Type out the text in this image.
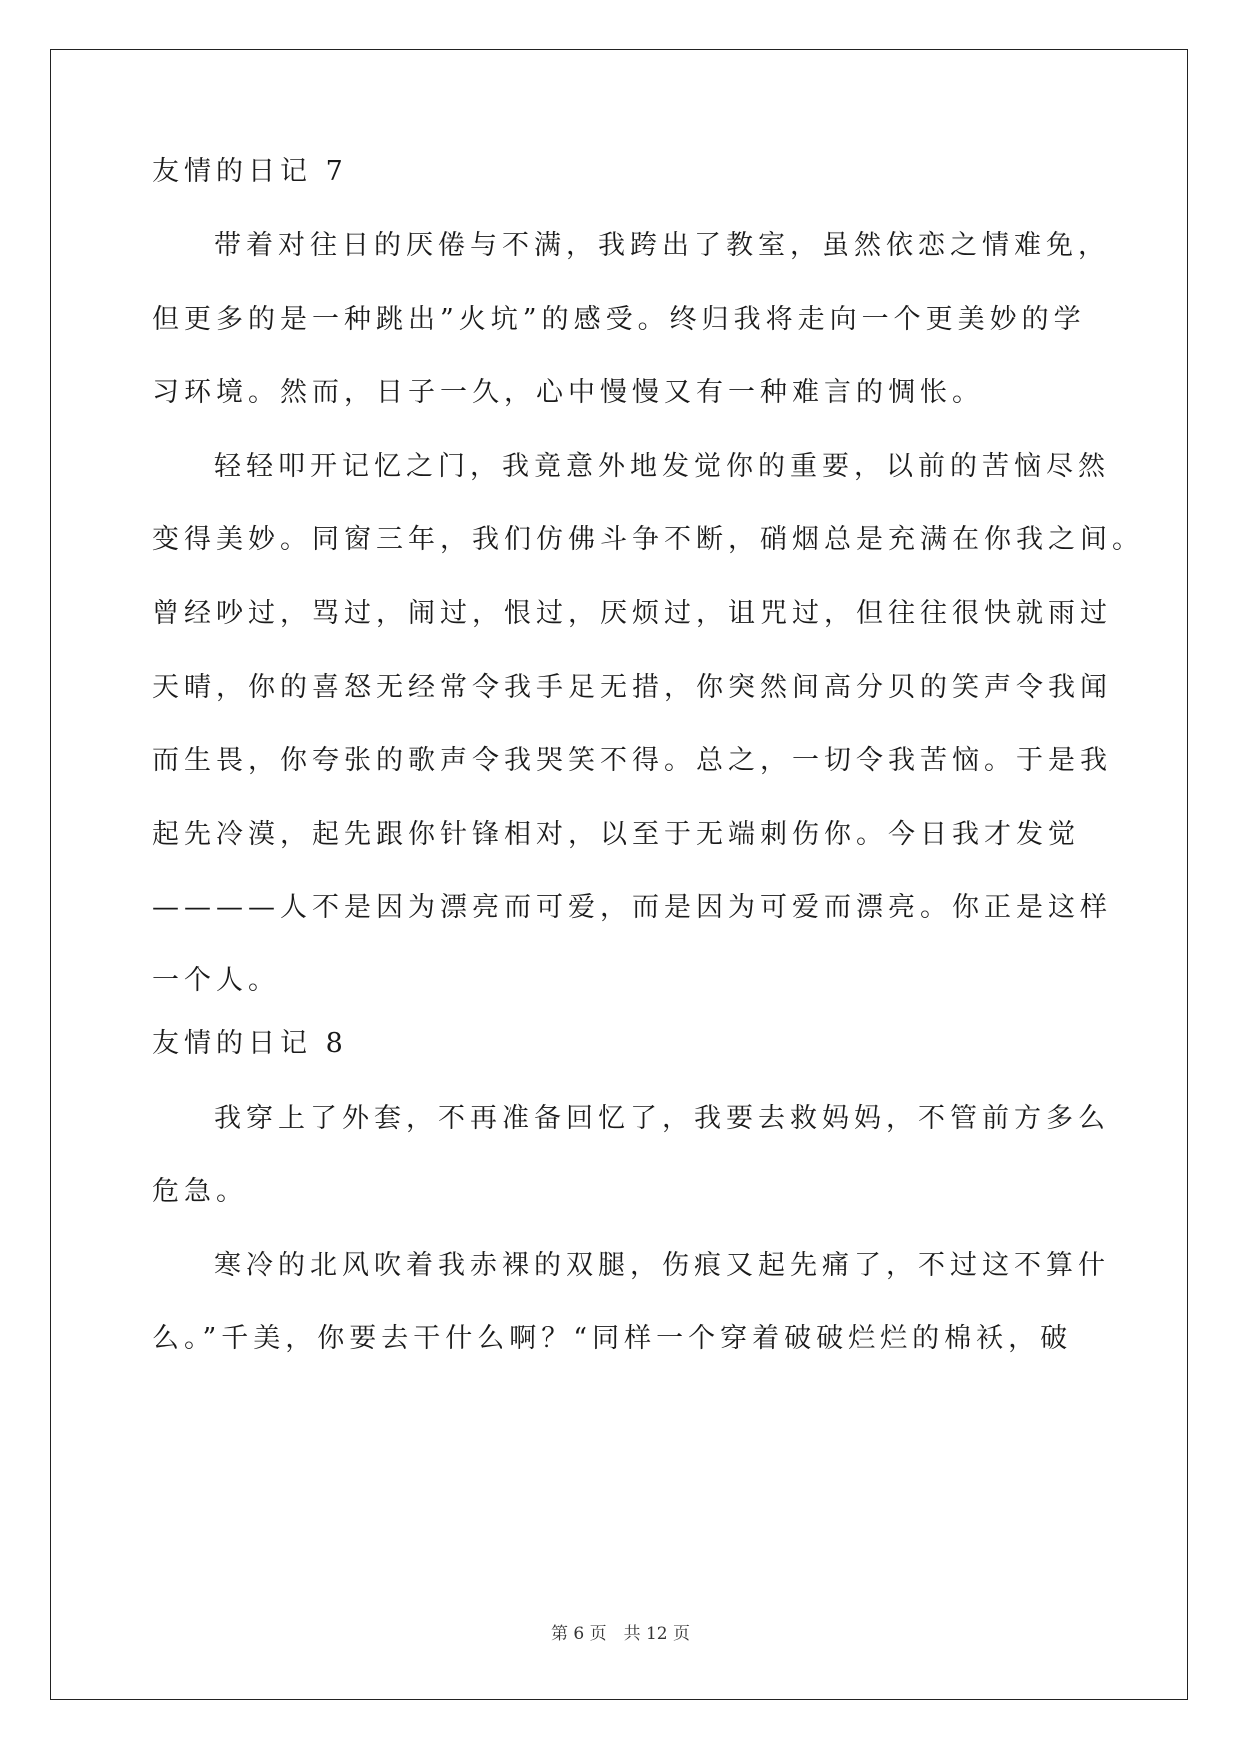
友情的日记 7
带着对往日的厌倦与不满，我跨出了教室，虽然依恋之情难免，
但更多的是一种跳出”火坑”的感受。终归我将走向一个更美妙的学
习环境。然而，日子一久，心中慢慢又有一种难言的惆怅。
轻轻叩开记忆之门，我竟意外地发觉你的重要，以前的苦恼尽然
变得美妙。同窗三年，我们仿佛斗争不断，硝烟总是充满在你我之间。
曾经吵过，骂过，闹过，恨过，厌烦过，诅咒过，但往往很快就雨过
天晴，你的喜怒无经常令我手足无措，你突然间高分贝的笑声令我闻
而生畏，你夸张的歌声令我哭笑不得。总之，一切令我苦恼。于是我
起先冷漠，起先跟你针锋相对，以至于无端刺伤你。今日我才发觉
————人不是因为漂亮而可爱，而是因为可爱而漂亮。你正是这样
一个人。
友情的日记 8
我穿上了外套，不再准备回忆了，我要去救妈妈，不管前方多么
危急。
寒冷的北风吹着我赤裸的双腿，伤痕又起先痛了，不过这不算什
么。”千美，你要去干什么啊？“同样一个穿着破破烂烂的棉袄，破
第 6 页　共 12 页
